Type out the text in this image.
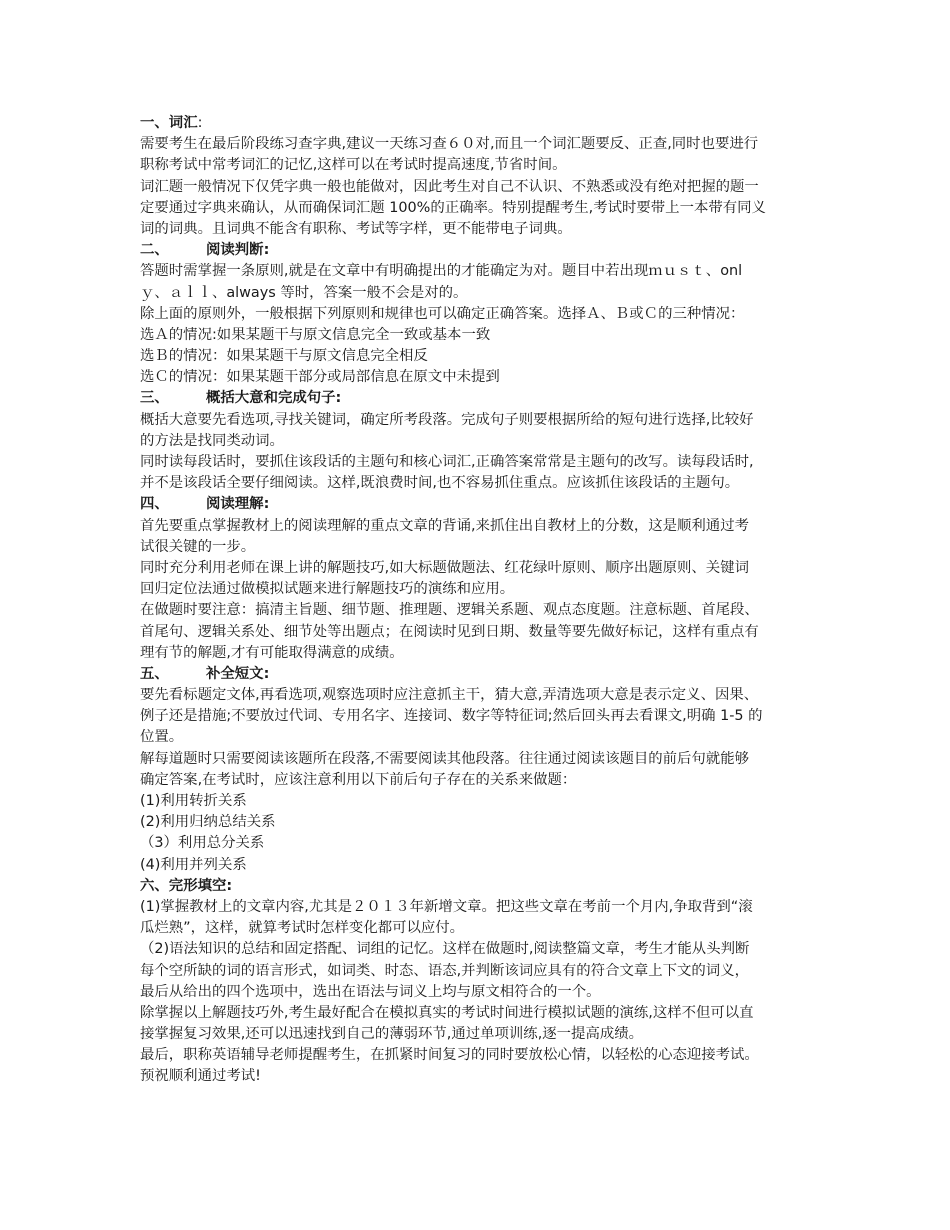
一、词汇:
需要考生在最后阶段练习查字典,建议一天练习查６０对,而且一个词汇题要反、正查,同时也要进行
职称考试中常考词汇的记忆,这样可以在考试时提高速度,节省时间。
词汇题一般情况下仅凭字典一般也能做对，因此考生对自己不认识、不熟悉或没有绝对把握的题一
定要通过字典来确认，从而确保词汇题 100%的正确率。特别提醒考生,考试时要带上一本带有同义
词的词典。且词典不能含有职称、考试等字样，更不能带电子词典。
二、	阅读判断:
答题时需掌握一条原则,就是在文章中有明确提出的才能确定为对。题目中若出现ｍｕｓｔ、onl
ｙ、ａｌｌ、always 等时，答案一般不会是对的。
除上面的原则外，一般根据下列原则和规律也可以确定正确答案。选择Ａ、Ｂ或Ｃ的三种情况：
选Ａ的情况:如果某题干与原文信息完全一致或基本一致
选Ｂ的情况：如果某题干与原文信息完全相反
选Ｃ的情况：如果某题干部分或局部信息在原文中未提到
三、	概括大意和完成句子:
概括大意要先看选项,寻找关键词，确定所考段落。完成句子则要根据所给的短句进行选择,比较好
的方法是找同类动词。
同时读每段话时，要抓住该段话的主题句和核心词汇,正确答案常常是主题句的改写。读每段话时,
并不是该段话全要仔细阅读。这样,既浪费时间,也不容易抓住重点。应该抓住该段话的主题句。
四、	阅读理解:
首先要重点掌握教材上的阅读理解的重点文章的背诵,来抓住出自教材上的分数，这是顺利通过考
试很关键的一步。
同时充分利用老师在课上讲的解题技巧,如大标题做题法、红花绿叶原则、顺序出题原则、关键词
回归定位法通过做模拟试题来进行解题技巧的演练和应用。
在做题时要注意：搞清主旨题、细节题、推理题、逻辑关系题、观点态度题。注意标题、首尾段、
首尾句、逻辑关系处、细节处等出题点；在阅读时见到日期、数量等要先做好标记，这样有重点有
理有节的解题,才有可能取得满意的成绩。
五、	补全短文:
要先看标题定文体,再看选项,观察选项时应注意抓主干，猜大意,弄清选项大意是表示定义、因果、
例子还是措施;不要放过代词、专用名字、连接词、数字等特征词;然后回头再去看课文,明确 1-5 的
位置。
解每道题时只需要阅读该题所在段落,不需要阅读其他段落。往往通过阅读该题目的前后句就能够
确定答案,在考试时，应该注意利用以下前后句子存在的关系来做题：
(1)利用转折关系
(2)利用归纳总结关系
（3）利用总分关系
(4)利用并列关系
六、完形填空:
(1)掌握教材上的文章内容,尤其是２０１３年新增文章。把这些文章在考前一个月内,争取背到“滚
瓜烂熟”，这样，就算考试时怎样变化都可以应付。
（2)语法知识的总结和固定搭配、词组的记忆。这样在做题时,阅读整篇文章，考生才能从头判断
每个空所缺的词的语言形式，如词类、时态、语态,并判断该词应具有的符合文章上下文的词义，
最后从给出的四个选项中，选出在语法与词义上均与原文相符合的一个。
除掌握以上解题技巧外,考生最好配合在模拟真实的考试时间进行模拟试题的演练,这样不但可以直
接掌握复习效果,还可以迅速找到自己的薄弱环节,通过单项训练,逐一提高成绩。
最后，职称英语辅导老师提醒考生，在抓紧时间复习的同时要放松心情，以轻松的心态迎接考试。
预祝顺利通过考试!
